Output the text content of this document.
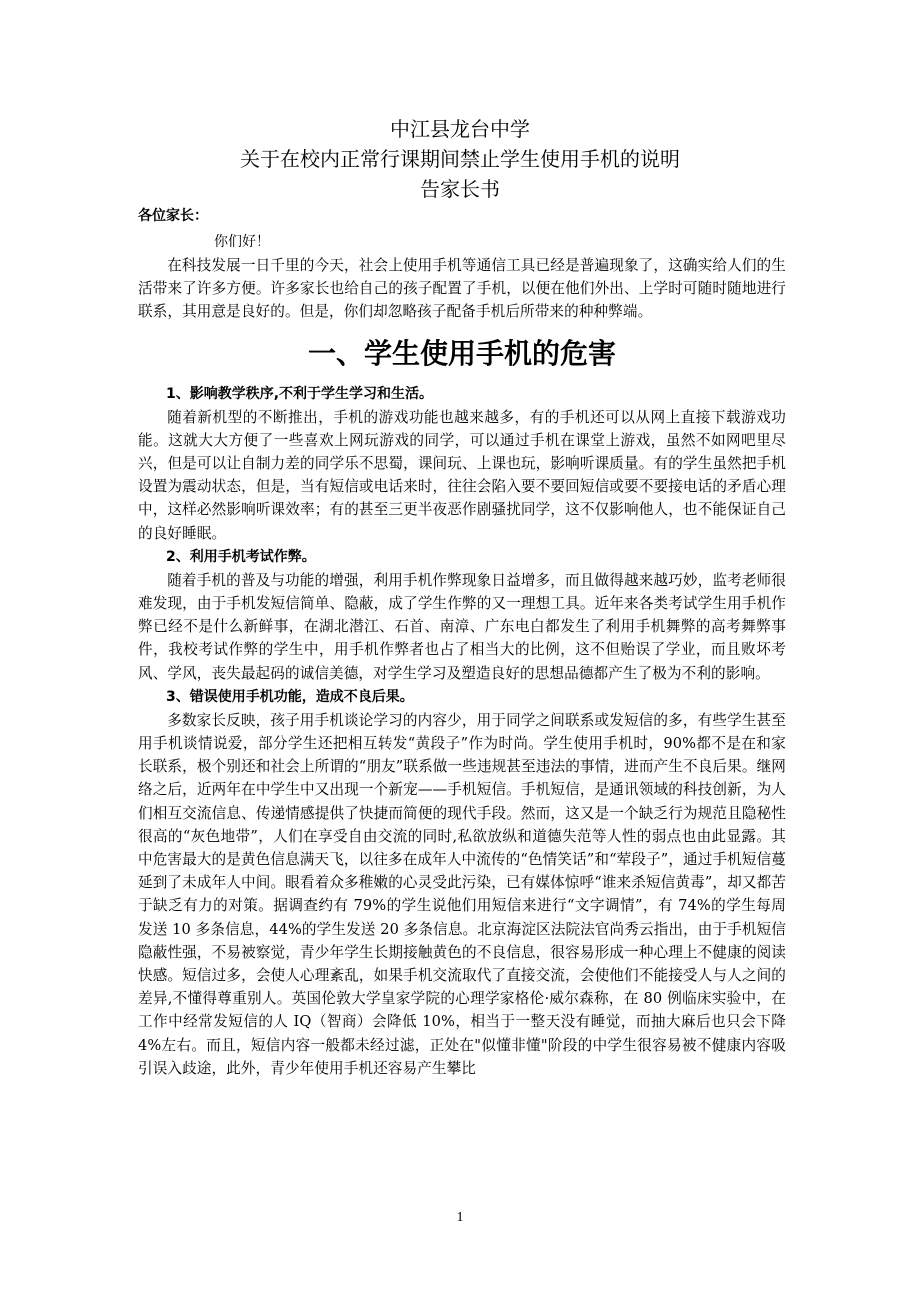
中江县龙台中学

关于在校内正常行课期间禁止学生使用手机的说明

告家长书

各位家长：

你们好！

在科技发展一日千里的今天，社会上使用手机等通信工具已经是普遍现象了，这确实给人们的生活带来了许多方便。许多家长也给自己的孩子配置了手机，以便在他们外出、上学时可随时随地进行联系，其用意是良好的。但是，你们却忽略孩子配备手机后所带来的种种弊端。

一、学生使用手机的危害

1、影响教学秩序,不利于学生学习和生活。

随着新机型的不断推出，手机的游戏功能也越来越多，有的手机还可以从网上直接下载游戏功能。这就大大方便了一些喜欢上网玩游戏的同学，可以通过手机在课堂上游戏，虽然不如网吧里尽兴，但是可以让自制力差的同学乐不思蜀，课间玩、上课也玩，影响听课质量。有的学生虽然把手机设置为震动状态，但是，当有短信或电话来时，往往会陷入要不要回短信或要不要接电话的矛盾心理中，这样必然影响听课效率；有的甚至三更半夜恶作剧骚扰同学，这不仅影响他人，也不能保证自己的良好睡眠。

2、利用手机考试作弊。

随着手机的普及与功能的增强，利用手机作弊现象日益增多，而且做得越来越巧妙，监考老师很难发现，由于手机发短信简单、隐蔽，成了学生作弊的又一理想工具。近年来各类考试学生用手机作弊已经不是什么新鲜事，在湖北潜江、石首、南漳、广东电白都发生了利用手机舞弊的高考舞弊事件，我校考试作弊的学生中，用手机作弊者也占了相当大的比例，这不但贻误了学业，而且败坏考风、学风，丧失最起码的诚信美德，对学生学习及塑造良好的思想品德都产生了极为不利的影响。

3、错误使用手机功能，造成不良后果。

多数家长反映，孩子用手机谈论学习的内容少，用于同学之间联系或发短信的多，有些学生甚至用手机谈情说爱，部分学生还把相互转发“黄段子”作为时尚。学生使用手机时，90%都不是在和家长联系，极个别还和社会上所谓的“朋友”联系做一些违规甚至违法的事情，进而产生不良后果。继网络之后，近两年在中学生中又出现一个新宠——手机短信。手机短信，是通讯领域的科技创新，为人们相互交流信息、传递情感提供了快捷而简便的现代手段。然而，这又是一个缺乏行为规范且隐秘性很高的“灰色地带”，人们在享受自由交流的同时,私欲放纵和道德失范等人性的弱点也由此显露。其中危害最大的是黄色信息满天飞，以往多在成年人中流传的“色情笑话”和“荤段子”，通过手机短信蔓延到了未成年人中间。眼看着众多稚嫩的心灵受此污染，已有媒体惊呼“谁来杀短信黄毒”，却又都苦于缺乏有力的对策。据调查约有 79%的学生说他们用短信来进行“文字调情”，有 74%的学生每周发送 10 多条信息，44%的学生发送 20 多条信息。北京海淀区法院法官尚秀云指出，由于手机短信隐蔽性强，不易被察觉，青少年学生长期接触黄色的不良信息，很容易形成一种心理上不健康的阅读快感。短信过多，会使人心理紊乱，如果手机交流取代了直接交流，会使他们不能接受人与人之间的差异,不懂得尊重别人。英国伦敦大学皇家学院的心理学家格伦·威尔森称，在 80 例临床实验中，在工作中经常发短信的人 IQ（智商）会降低 10%，相当于一整天没有睡觉，而抽大麻后也只会下降 4%左右。而且，短信内容一般都未经过滤，正处在"似懂非懂"阶段的中学生很容易被不健康内容吸引误入歧途，此外，青少年使用手机还容易产生攀比

1
